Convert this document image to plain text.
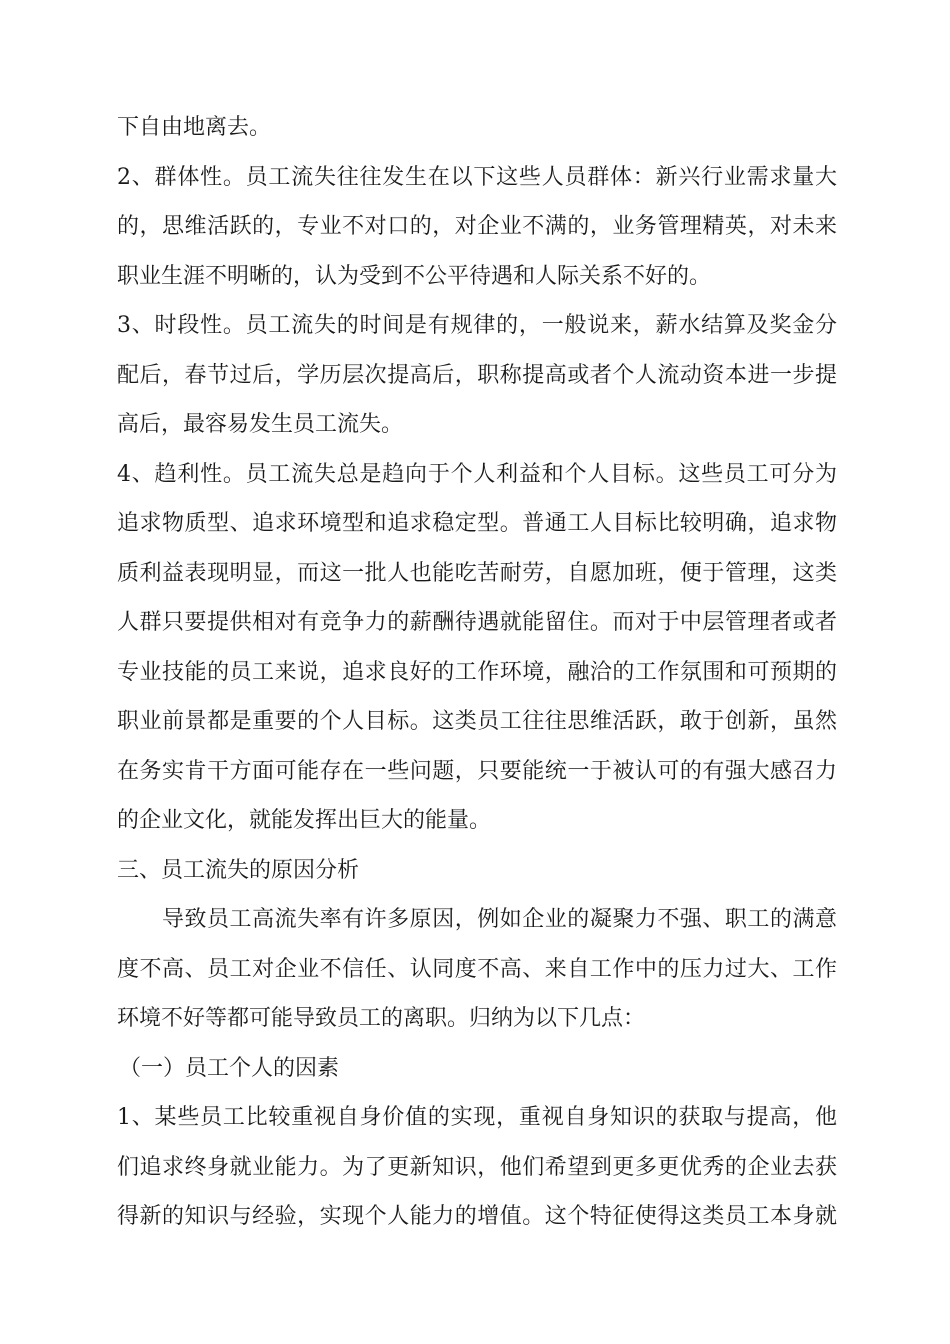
下自由地离去。
2、群体性。员工流失往往发生在以下这些人员群体：新兴行业需求量大
的，思维活跃的，专业不对口的，对企业不满的，业务管理精英，对未来
职业生涯不明晰的，认为受到不公平待遇和人际关系不好的。
3、时段性。员工流失的时间是有规律的，一般说来，薪水结算及奖金分
配后，春节过后，学历层次提高后，职称提高或者个人流动资本进一步提
高后，最容易发生员工流失。
4、趋利性。员工流失总是趋向于个人利益和个人目标。这些员工可分为
追求物质型、追求环境型和追求稳定型。普通工人目标比较明确，追求物
质利益表现明显，而这一批人也能吃苦耐劳，自愿加班，便于管理，这类
人群只要提供相对有竞争力的薪酬待遇就能留住。而对于中层管理者或者
专业技能的员工来说，追求良好的工作环境，融洽的工作氛围和可预期的
职业前景都是重要的个人目标。这类员工往往思维活跃，敢于创新，虽然
在务实肯干方面可能存在一些问题，只要能统一于被认可的有强大感召力
的企业文化，就能发挥出巨大的能量。
三、员工流失的原因分析
导致员工高流失率有许多原因，例如企业的凝聚力不强、职工的满意
度不高、员工对企业不信任、认同度不高、来自工作中的压力过大、工作
环境不好等都可能导致员工的离职。归纳为以下几点：
（一）员工个人的因素
1、某些员工比较重视自身价值的实现，重视自身知识的获取与提高，他
们追求终身就业能力。为了更新知识，他们希望到更多更优秀的企业去获
得新的知识与经验，实现个人能力的增值。这个特征使得这类员工本身就
